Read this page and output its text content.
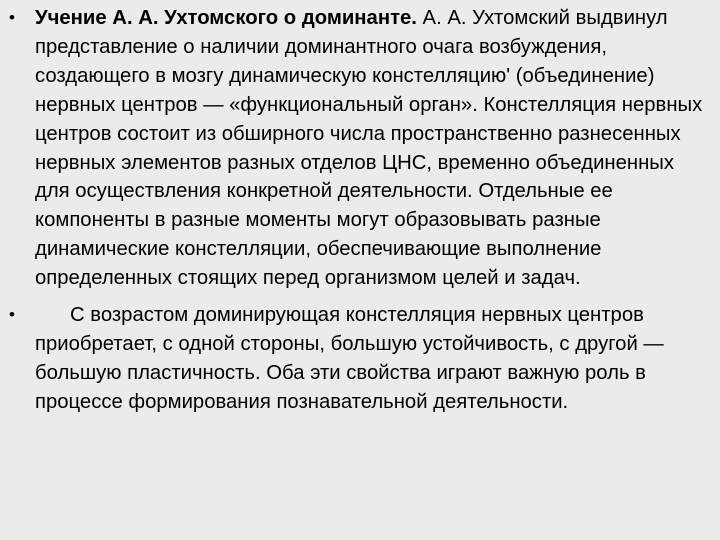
• Учение А. А. Ухтомского о доминанте. А. А. Ухтомский выдвинул представление о наличии доминантного очага возбуждения, создающего в мозгу динамическую констелляцию' (объединение) нервных центров — «функциональный орган». Констелляция нервных центров состоит из обширного числа пространственно разнесенных нервных элементов разных отделов ЦНС, временно объединенных для осуществления конкретной деятельности. Отдельные ее компоненты в разные моменты могут образовывать разные динамические констелляции, обеспечивающие выполнение определенных стоящих перед организмом целей и задач.
•	С возрастом доминирующая констелляция нервных центров приобретает, с одной стороны, большую устойчивость, с другой — большую пластичность. Оба эти свойства играют важную роль в процессе формирования познавательной деятельности.
